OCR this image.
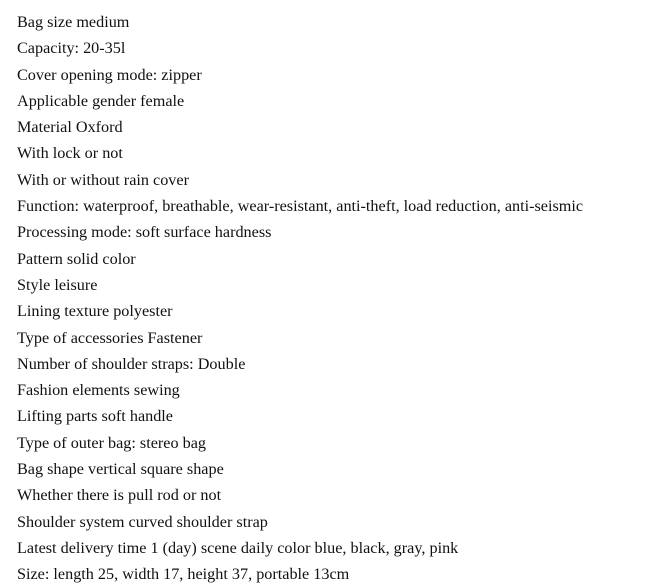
Bag size medium
Capacity: 20-35l
Cover opening mode: zipper
Applicable gender female
Material Oxford
With lock or not
With or without rain cover
Function: waterproof, breathable, wear-resistant, anti-theft, load reduction, anti-seismic
Processing mode: soft surface hardness
Pattern solid color
Style leisure
Lining texture polyester
Type of accessories Fastener
Number of shoulder straps: Double
Fashion elements sewing
Lifting parts soft handle
Type of outer bag: stereo bag
Bag shape vertical square shape
Whether there is pull rod or not
Shoulder system curved shoulder strap
Latest delivery time 1 (day) scene daily color blue, black, gray, pink
Size: length 25, width 17, height 37, portable 13cm
